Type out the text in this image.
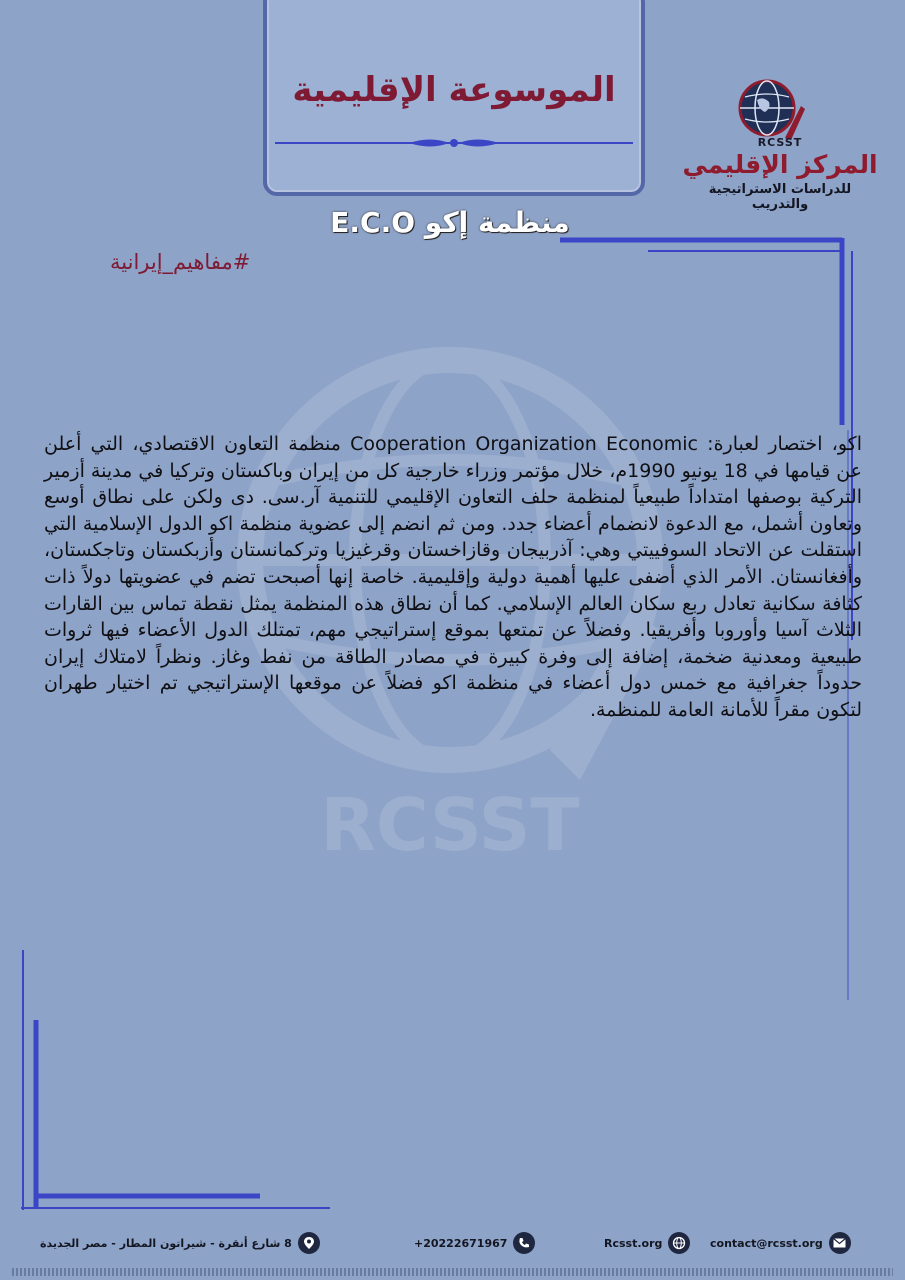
RCSST
الموسوعة الإقليمية
RCSST
المركز الإقليمي
للدراسات الاستراتيجية والتدريب
منظمة إكو E.C.O
#مفاهيم_إيرانية
اكو، اختصار لعبارة: Cooperation Organization Economic منظمة التعاون الاقتصادي، التي أعلن عن قيامها في 18 يونيو 1990م، خلال مؤتمر وزراء خارجية كل من إيران وباكستان وتركيا في مدينة أزمير التركية بوصفها امتداداً طبيعياً لمنظمة حلف التعاون الإقليمي للتنمية آر.سى. دى ولكن على نطاق أوسع وتعاون أشمل، مع الدعوة لانضمام أعضاء جدد. ومن ثم انضم إلى عضوية منظمة اكو الدول الإسلامية التي استقلت عن الاتحاد السوفييتي وهي: آذربيجان وقازاخستان وقرغيزيا وتركمانستان وأزبكستان وتاجكستان، وأفغانستان. الأمر الذي أضفى عليها أهمية دولية وإقليمية. خاصة إنها أصبحت تضم في عضويتها دولاً ذات كثافة سكانية تعادل ربع سكان العالم الإسلامي. كما أن نطاق هذه المنظمة يمثل نقطة تماس بين القارات الثلاث آسيا وأوروبا وأفريقيا. وفضلاً عن تمتعها بموقع إستراتيجي مهم، تمتلك الدول الأعضاء فيها ثروات طبيعية ومعدنية ضخمة، إضافة إلى وفرة كبيرة في مصادر الطاقة من نفط وغاز. ونظراً لامتلاك إيران حدوداً جغرافية مع خمس دول أعضاء في منظمة اكو فضلاً عن موقعها الإستراتيجي تم اختيار طهران لتكون مقراً للأمانة العامة للمنظمة.
8 شارع أنقرة - شيراتون المطار - مصر الجديدة	+20222671967	Rcsst.org	contact@rcsst.org
